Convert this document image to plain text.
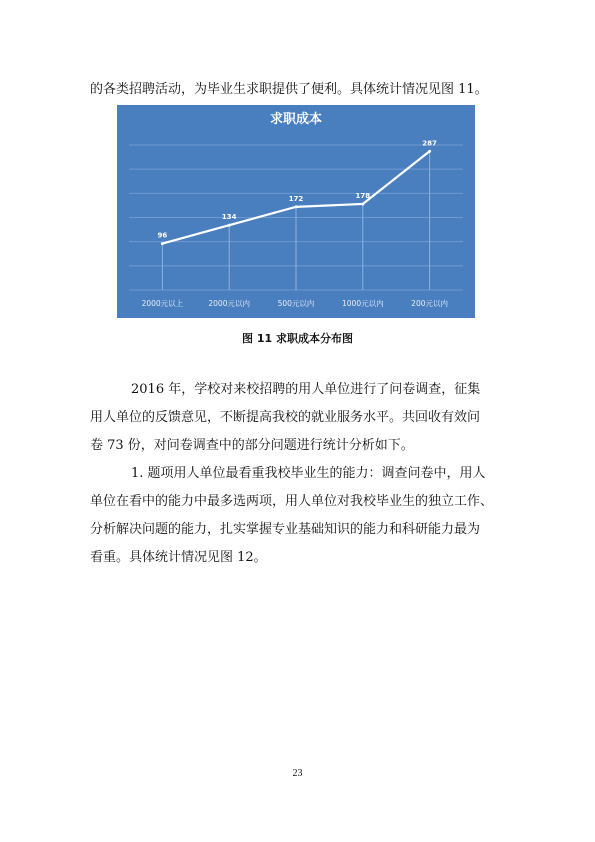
的各类招聘活动，为毕业生求职提供了便利。具体统计情况见图 11。

求职成本
96
134
172	178
287
2000元以上	2000元以内	500元以内	1000元以内	200元以内
图 11 求职成本分布图

2016 年，学校对来校招聘的用人单位进行了问卷调查，征集

用人单位的反馈意见，不断提高我校的就业服务水平。共回收有效问

卷 73 份，对问卷调查中的部分问题进行统计分析如下。

1. 题项用人单位最看重我校毕业生的能力：调查问卷中，用人

单位在看中的能力中最多选两项，用人单位对我校毕业生的独立工作、

分析解决问题的能力，扎实掌握专业基础知识的能力和科研能力最为

看重。具体统计情况见图 12。

23
